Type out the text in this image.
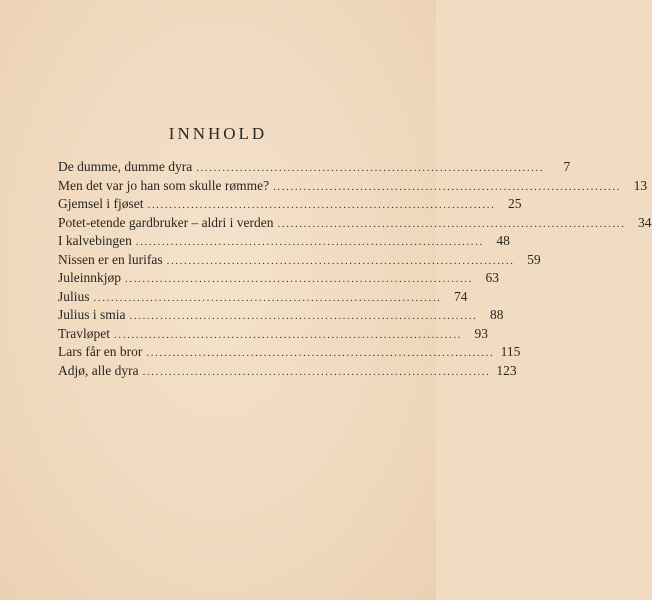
INNHOLD
De dumme, dumme dyra ................................................................................	7
Men det var jo han som skulle rømme? ................................................................................ 13
Gjemsel i fjøset ................................................................................ 25
Potet-etende gardbruker – aldri i verden ................................................................................ 34
I kalvebingen ................................................................................ 48
Nissen er en lurifas ................................................................................ 59
Juleinnkjøp ................................................................................ 63
Julius ................................................................................ 74
Julius i smia ................................................................................ 88
Travløpet ................................................................................ 93
Lars får en bror ................................................................................ 115
Adjø, alle dyra ................................................................................ 123
